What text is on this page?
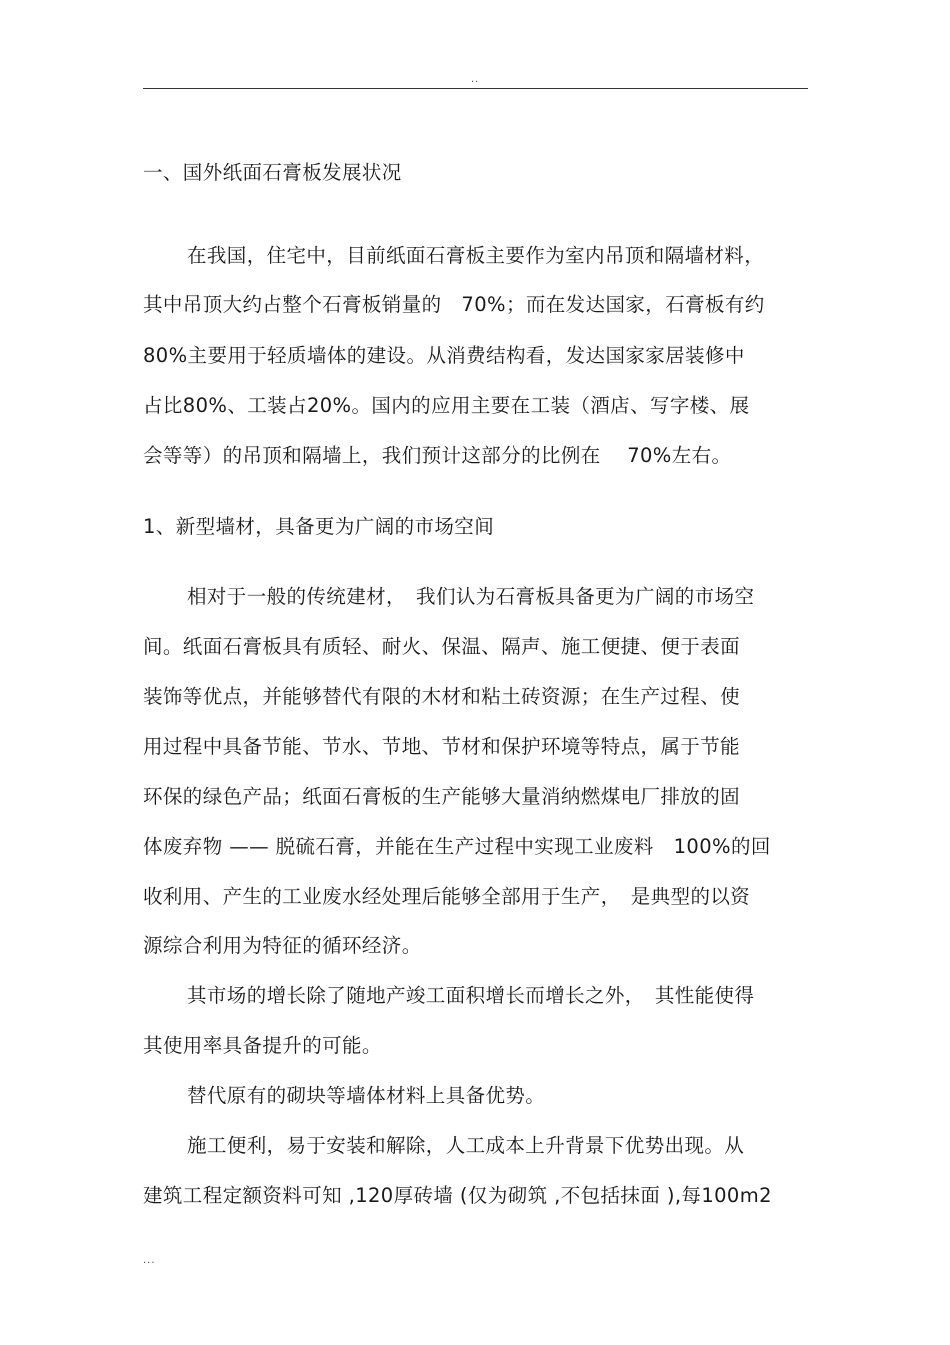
..
一、国外纸面石膏板发展状况
在我国，住宅中，目前纸面石膏板主要作为室内吊顶和隔墙材料，
其中吊顶大约占整个石膏板销量的　70%；而在发达国家，石膏板有约
80%主要用于轻质墙体的建设。从消费结构看，发达国家家居装修中
占比80%、工装占20%。国内的应用主要在工装（酒店、写字楼、展
会等等）的吊顶和隔墙上，我们预计这部分的比例在　 70%左右。
1、新型墙材，具备更为广阔的市场空间
相对于一般的传统建材，　我们认为石膏板具备更为广阔的市场空
间。纸面石膏板具有质轻、耐火、保温、隔声、施工便捷、便于表面
装饰等优点，并能够替代有限的木材和粘土砖资源；在生产过程、使
用过程中具备节能、节水、节地、节材和保护环境等特点，属于节能
环保的绿色产品；纸面石膏板的生产能够大量消纳燃煤电厂排放的固
体废弃物 —— 脱硫石膏，并能在生产过程中实现工业废料　100%的回
收利用、产生的工业废水经处理后能够全部用于生产，　是典型的以资
源综合利用为特征的循环经济。
其市场的增长除了随地产竣工面积增长而增长之外，　其性能使得
其使用率具备提升的可能。
替代原有的砌块等墙体材料上具备优势。
施工便利，易于安装和解除，人工成本上升背景下优势出现。从
建筑工程定额资料可知 ,120厚砖墙 (仅为砌筑 ,不包括抹面 ),每100m2
...
